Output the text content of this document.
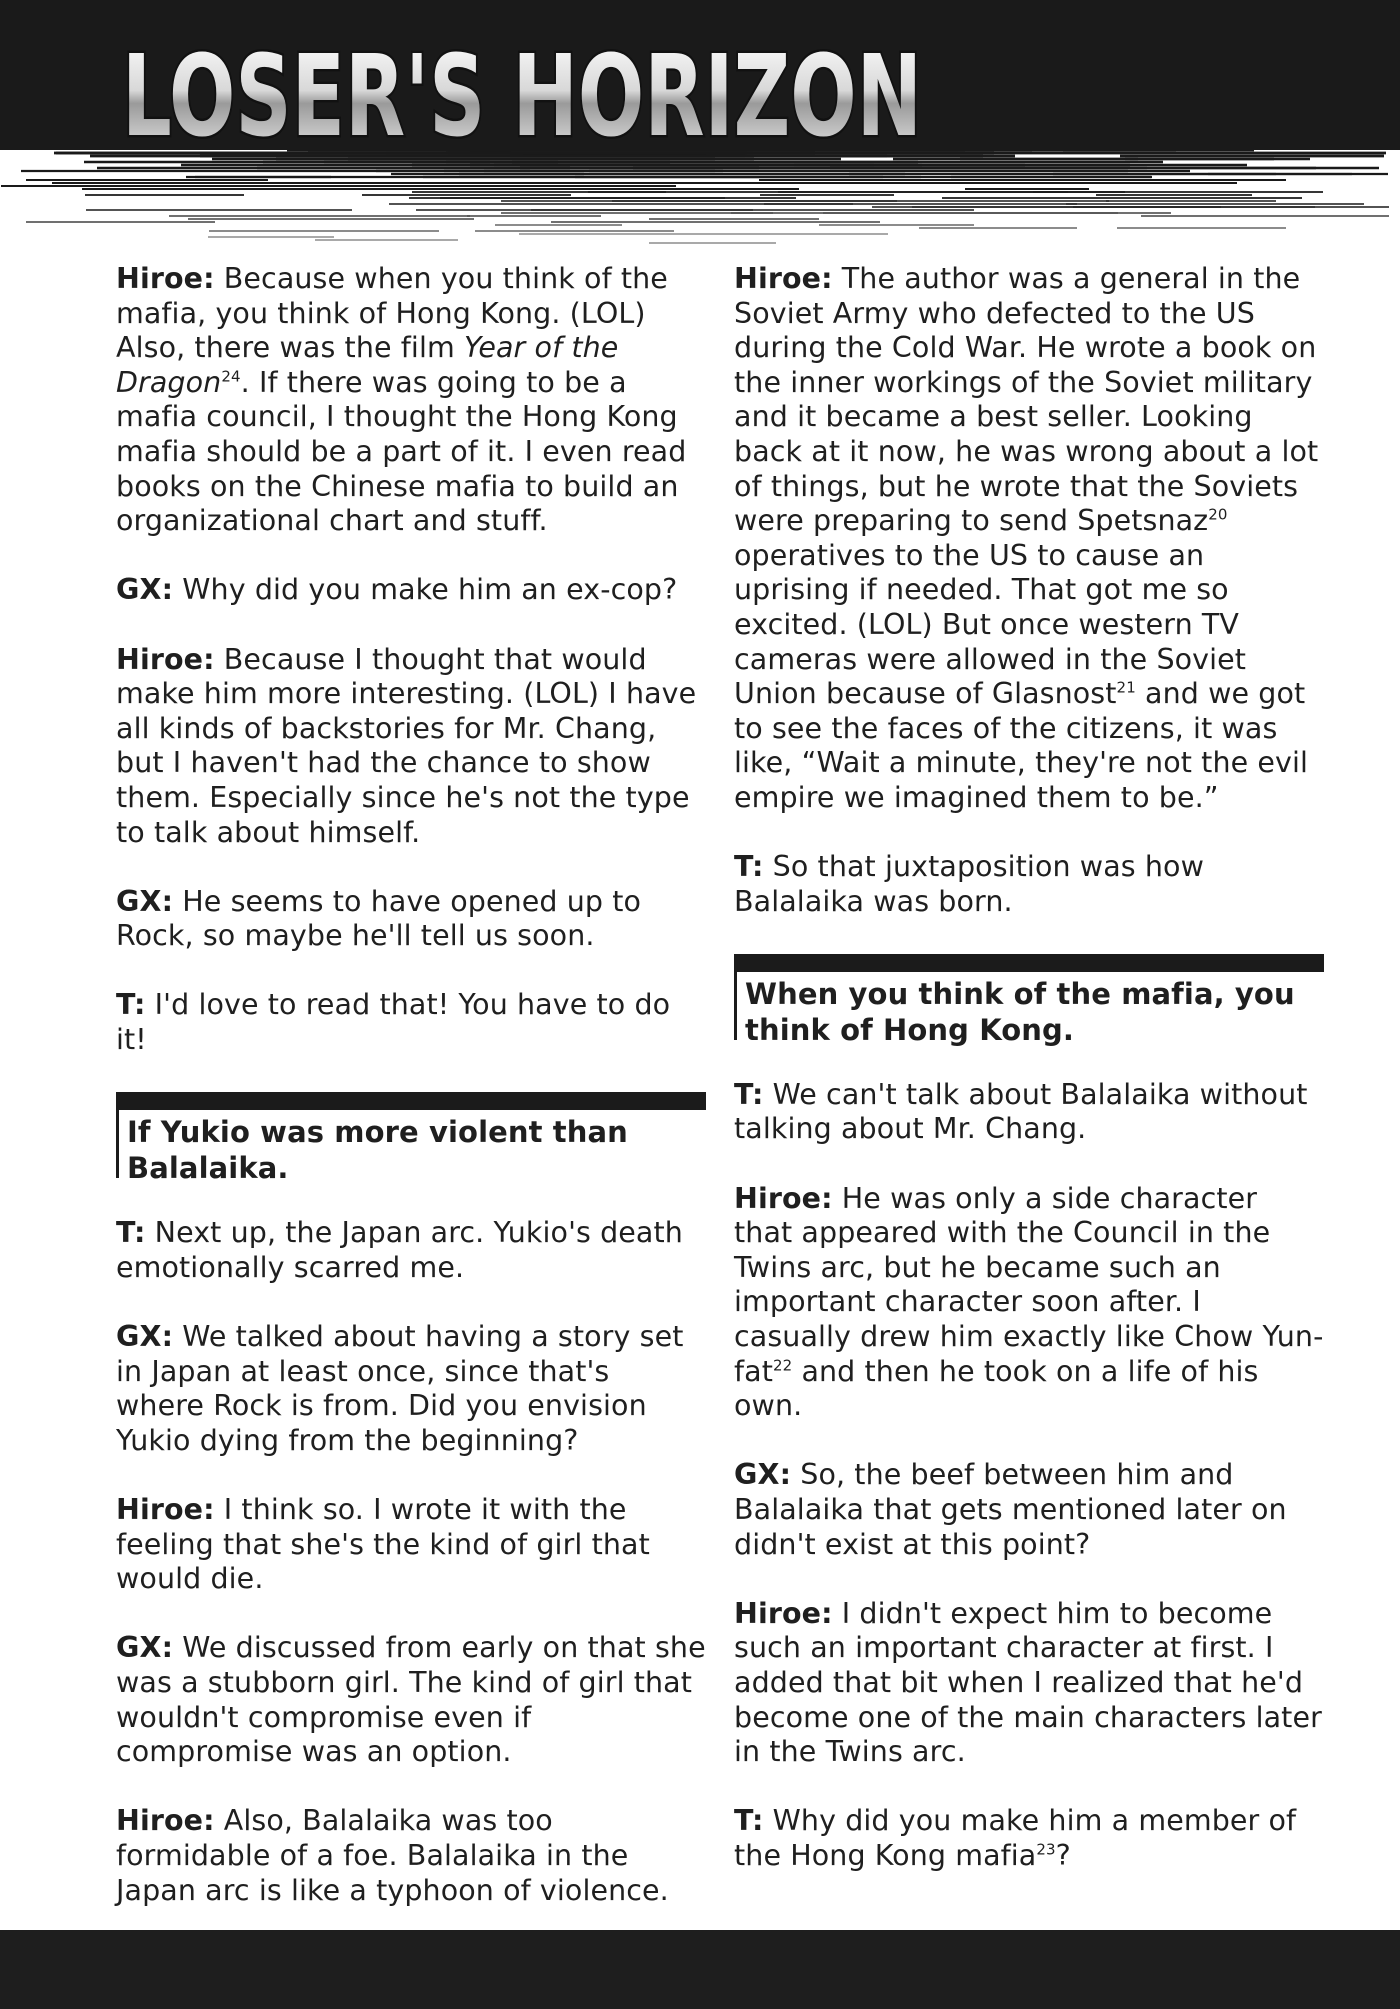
LOSER'S HORIZON

Hiroe: Because when you think of the mafia, you think of Hong Kong. (LOL) Also, there was the film Year of the Dragon$^{24}$. If there was going to be a mafia council, I thought the Hong Kong mafia should be a part of it. I even read books on the Chinese mafia to build an organizational chart and stuff.

GX: Why did you make him an ex-cop?

Hiroe: Because I thought that would make him more interesting. (LOL) I have all kinds of backstories for Mr. Chang, but I haven't had the chance to show them. Especially since he's not the type to talk about himself.

GX: He seems to have opened up to Rock, so maybe he'll tell us soon.

T: I'd love to read that! You have to do it!

If Yukio was more violent than Balalaika.

T: Next up, the Japan arc. Yukio's death emotionally scarred me.

GX: We talked about having a story set in Japan at least once, since that's where Rock is from. Did you envision Yukio dying from the beginning?

Hiroe: I think so. I wrote it with the feeling that she's the kind of girl that would die.

GX: We discussed from early on that she was a stubborn girl. The kind of girl that wouldn't compromise even if compromise was an option.

Hiroe: Also, Balalaika was too formidable of a foe. Balalaika in the Japan arc is like a typhoon of violence.

Hiroe: The author was a general in the Soviet Army who defected to the US during the Cold War. He wrote a book on the inner workings of the Soviet military and it became a best seller. Looking back at it now, he was wrong about a lot of things, but he wrote that the Soviets were preparing to send Spetsnaz$^{20}$ operatives to the US to cause an uprising if needed. That got me so excited. (LOL) But once western TV cameras were allowed in the Soviet Union because of Glasnost$^{21}$ and we got to see the faces of the citizens, it was like, “Wait a minute, they're not the evil empire we imagined them to be.”

T: So that juxtaposition was how Balalaika was born.

When you think of the mafia, you think of Hong Kong.

T: We can't talk about Balalaika without talking about Mr. Chang.

Hiroe: He was only a side character that appeared with the Council in the Twins arc, but he became such an important character soon after. I casually drew him exactly like Chow Yun-fat$^{22}$ and then he took on a life of his own.

GX: So, the beef between him and Balalaika that gets mentioned later on didn't exist at this point?

Hiroe: I didn't expect him to become such an important character at first. I added that bit when I realized that he'd become one of the main characters later in the Twins arc.

T: Why did you make him a member of the Hong Kong mafia$^{23}$?
